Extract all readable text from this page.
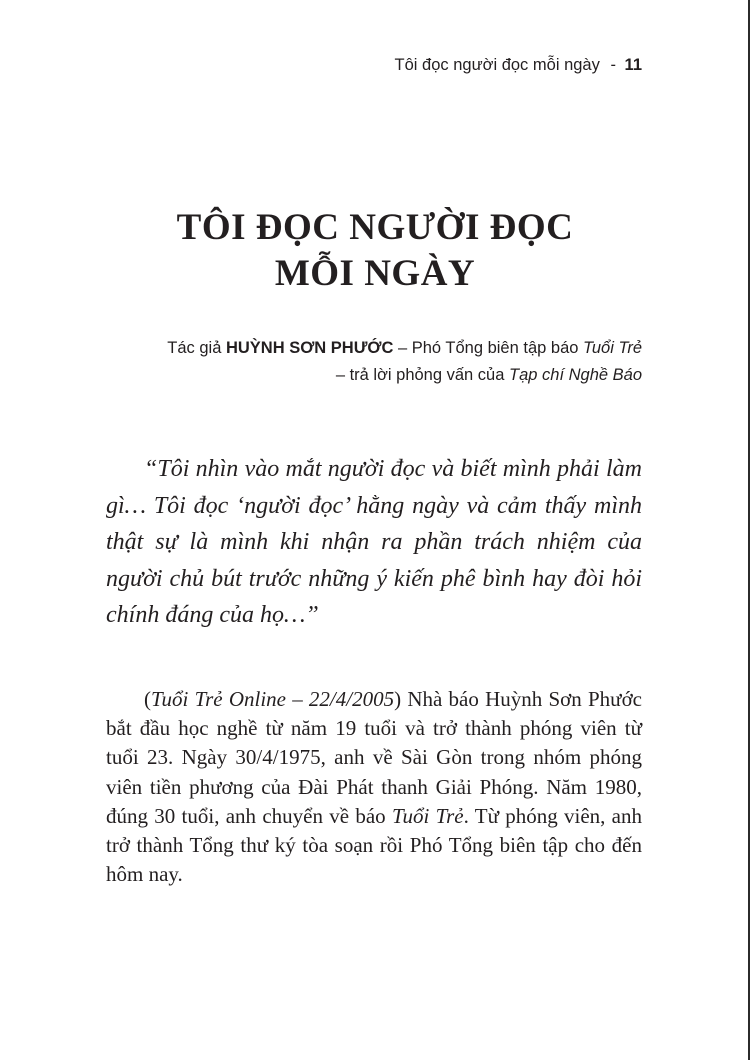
Tôi đọc người đọc mỗi ngày - 11
TÔI ĐỌC NGƯỜI ĐỌC
MỖI NGÀY
Tác giả HUỲNH SƠN PHƯỚC – Phó Tổng biên tập báo Tuổi Trẻ
– trả lời phỏng vấn của Tạp chí Nghề Báo

“Tôi nhìn vào mắt người đọc và biết mình phải làm gì… Tôi đọc ‘người đọc’ hằng ngày và cảm thấy mình thật sự là mình khi nhận ra phần trách nhiệm của người chủ bút trước những ý kiến phê bình hay đòi hỏi chính đáng của họ…”

(Tuổi Trẻ Online – 22/4/2005) Nhà báo Huỳnh Sơn Phước bắt đầu học nghề từ năm 19 tuổi và trở thành phóng viên từ tuổi 23. Ngày 30/4/1975, anh về Sài Gòn trong nhóm phóng viên tiền phương của Đài Phát thanh Giải Phóng. Năm 1980, đúng 30 tuổi, anh chuyển về báo Tuổi Trẻ. Từ phóng viên, anh trở thành Tổng thư ký tòa soạn rồi Phó Tổng biên tập cho đến hôm nay.
